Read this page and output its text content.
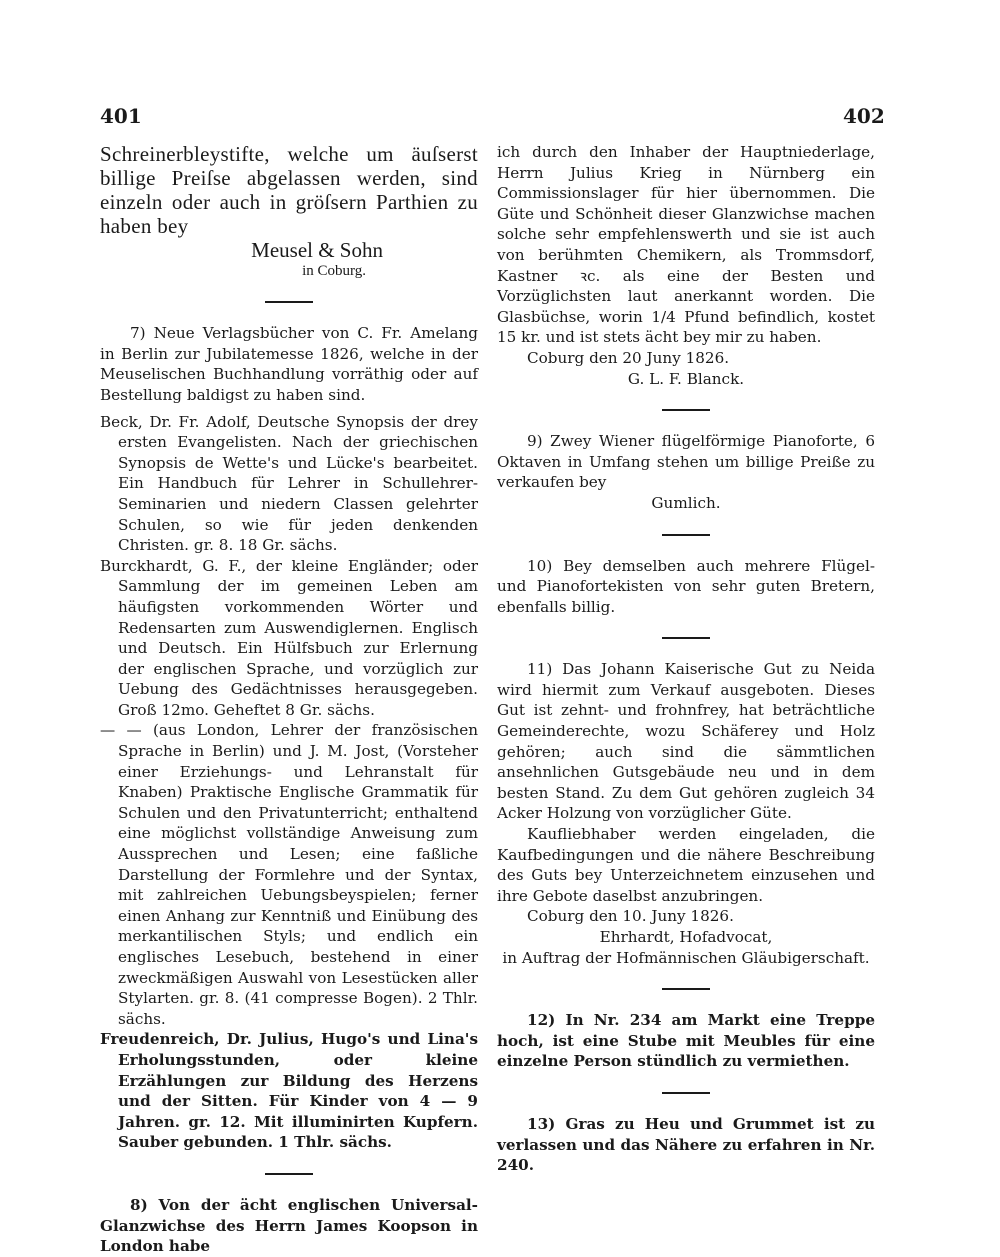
401	402

Schreinerbleystifte, welche um äuſserst billige Preiſse abgelassen werden, sind einzeln oder auch in gröſsern Parthien zu haben bey

Meusel & Sohn
in Coburg.

7) Neue Verlagsbücher von C. Fr. Amelang in Berlin zur Jubilatemesse 1826, welche in der Meuselischen Buchhandlung vorräthig oder auf Bestellung baldigst zu haben sind.

Beck, Dr. Fr. Adolf, Deutsche Synopsis der drey ersten Evangelisten. Nach der griechischen Synopsis de Wette's und Lücke's bearbeitet. Ein Handbuch für Lehrer in Schullehrer-Seminarien und niedern Classen gelehrter Schulen, so wie für jeden denkenden Christen. gr. 8. 18 Gr. sächs.

Burckhardt, G. F., der kleine Engländer; oder Sammlung der im gemeinen Leben am häufigsten vorkommenden Wörter und Redensarten zum Auswendiglernen. Englisch und Deutsch. Ein Hülfsbuch zur Erlernung der englischen Sprache, und vorzüglich zur Uebung des Gedächtnisses herausgegeben. Groß 12mo. Geheftet 8 Gr. sächs.

— — (aus London, Lehrer der französischen Sprache in Berlin) und J. M. Jost, (Vorsteher einer Erziehungs- und Lehranstalt für Knaben) Praktische Englische Grammatik für Schulen und den Privatunterricht; enthaltend eine möglichst vollständige Anweisung zum Aussprechen und Lesen; eine faßliche Darstellung der Formlehre und der Syntax, mit zahlreichen Uebungsbeyspielen; ferner einen Anhang zur Kenntniß und Einübung des merkantilischen Styls; und endlich ein englisches Lesebuch, bestehend in einer zweckmäßigen Auswahl von Lesestücken aller Stylarten. gr. 8. (41 compresse Bogen). 2 Thlr. sächs.

Freudenreich, Dr. Julius, Hugo's und Lina's Erholungsstunden, oder kleine Erzählungen zur Bildung des Herzens und der Sitten. Für Kinder von 4 — 9 Jahren. gr. 12. Mit illuminirten Kupfern. Sauber gebunden. 1 Thlr. sächs.

8) Von der ächt englischen Universal-Glanzwichse des Herrn James Koopson in London habe

ich durch den Inhaber der Hauptniederlage, Herrn Julius Krieg in Nürnberg ein Commissionslager für hier übernommen. Die Güte und Schönheit dieser Glanzwichse machen solche sehr empfehlenswerth und sie ist auch von berühmten Chemikern, als Trommsdorf, Kastner ꝛc. als eine der Besten und Vorzüglichsten laut anerkannt worden. Die Glasbüchse, worin 1/4 Pfund befindlich, kostet 15 kr. und ist stets ächt bey mir zu haben.

Coburg den 20 Juny 1826.

G. L. F. Blanck.

9) Zwey Wiener flügelförmige Pianoforte, 6 Oktaven in Umfang stehen um billige Preiße zu verkaufen bey

Gumlich.

10) Bey demselben auch mehrere Flügel- und Pianofortekisten von sehr guten Bretern, ebenfalls billig.

11) Das Johann Kaiserische Gut zu Neida wird hiermit zum Verkauf ausgeboten. Dieses Gut ist zehnt- und frohnfrey, hat beträchtliche Gemeinderechte, wozu Schäferey und Holz gehören; auch sind die sämmtlichen ansehnlichen Gutsgebäude neu und in dem besten Stand. Zu dem Gut gehören zugleich 34 Acker Holzung von vorzüglicher Güte.

Kaufliebhaber werden eingeladen, die Kaufbedingungen und die nähere Beschreibung des Guts bey Unterzeichnetem einzusehen und ihre Gebote daselbst anzubringen.

Coburg den 10. Juny 1826.

Ehrhardt, Hofadvocat,

in Auftrag der Hofmännischen Gläubigerschaft.

12) In Nr. 234 am Markt eine Treppe hoch, ist eine Stube mit Meubles für eine einzelne Person stündlich zu vermiethen.

13) Gras zu Heu und Grummet ist zu verlassen und das Nähere zu erfahren in Nr. 240.
